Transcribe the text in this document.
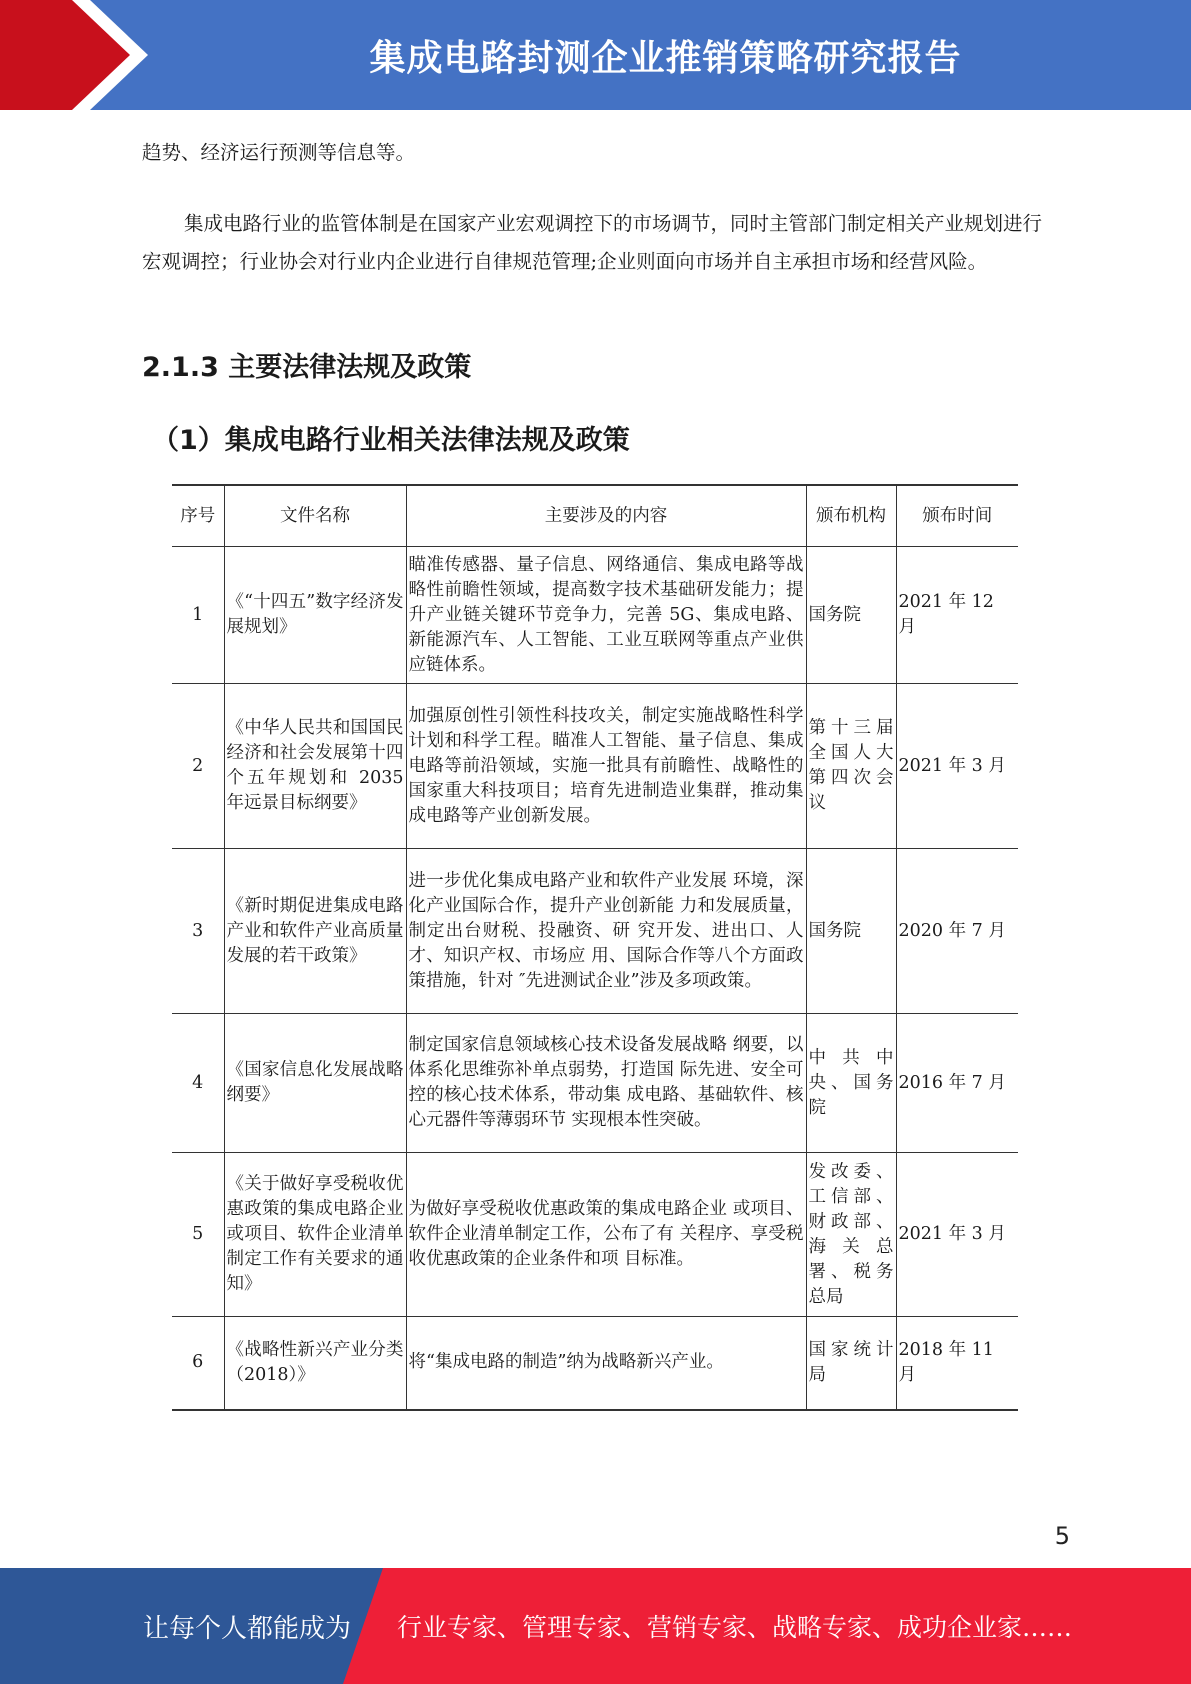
集成电路封测企业推销策略研究报告
趋势、经济运行预测等信息等。
集成电路行业的监管体制是在国家产业宏观调控下的市场调节，同时主管部门制定相关产业规划进行宏观调控；行业协会对行业内企业进行自律规范管理;企业则面向市场并自主承担市场和经营风险。
2.1.3 主要法律法规及政策
（1）集成电路行业相关法律法规及政策
序号	文件名称	主要涉及的内容	颁布机构	颁布时间
1	《“十四五”数字经济发展规划》	瞄准传感器、量子信息、网络通信、集成电路等战略性前瞻性领域，提高数字技术基础研发能力；提升产业链关键环节竞争力，完善 5G、集成电路、新能源汽车、人工智能、工业互联网等重点产业供应链体系。	国务院	2021 年 12 月
2	《中华人民共和国国民经济和社会发展第十四个五年规划和 2035 年远景目标纲要》	加强原创性引领性科技攻关，制定实施战略性科学计划和科学工程。瞄准人工智能、量子信息、集成电路等前沿领域，实施一批具有前瞻性、战略性的国家重大科技项目；培育先进制造业集群，推动集成电路等产业创新发展。	第十三届全国人大第四次会议	2021 年 3 月
3	《新时期促进集成电路产业和软件产业高质量发展的若干政策》	进一步优化集成电路产业和软件产业发展 环境，深化产业国际合作，提升产业创新能 力和发展质量，制定出台财税、投融资、研 究开发、进出口、人才、知识产权、市场应 用、国际合作等八个方面政策措施，针对 ″先进测试企业”涉及多项政策。	国务院	2020 年 7 月
4	《国家信息化发展战略纲要》	制定国家信息领域核心技术设备发展战略 纲要，以体系化思维弥补单点弱势，打造国 际先进、安全可控的核心技术体系，带动集 成电路、基础软件、核心元器件等薄弱环节 实现根本性突破。	中共中央、国务院	2016 年 7 月
5	《关于做好享受税收优惠政策的集成电路企业或项目、软件企业清单制定工作有关要求的通知》	为做好享受税收优惠政策的集成电路企业 或项目、软件企业清单制定工作，公布了有 关程序、享受税收优惠政策的企业条件和项 目标准。	发改委、工信部、财政部、海关总署、税务总局	2021 年 3 月
6	《战略性新兴产业分类（2018）》	将“集成电路的制造”纳为战略新兴产业。	国家统计局	2018 年 11 月
5
让每个人都能成为 行业专家、管理专家、营销专家、战略专家、成功企业家……
